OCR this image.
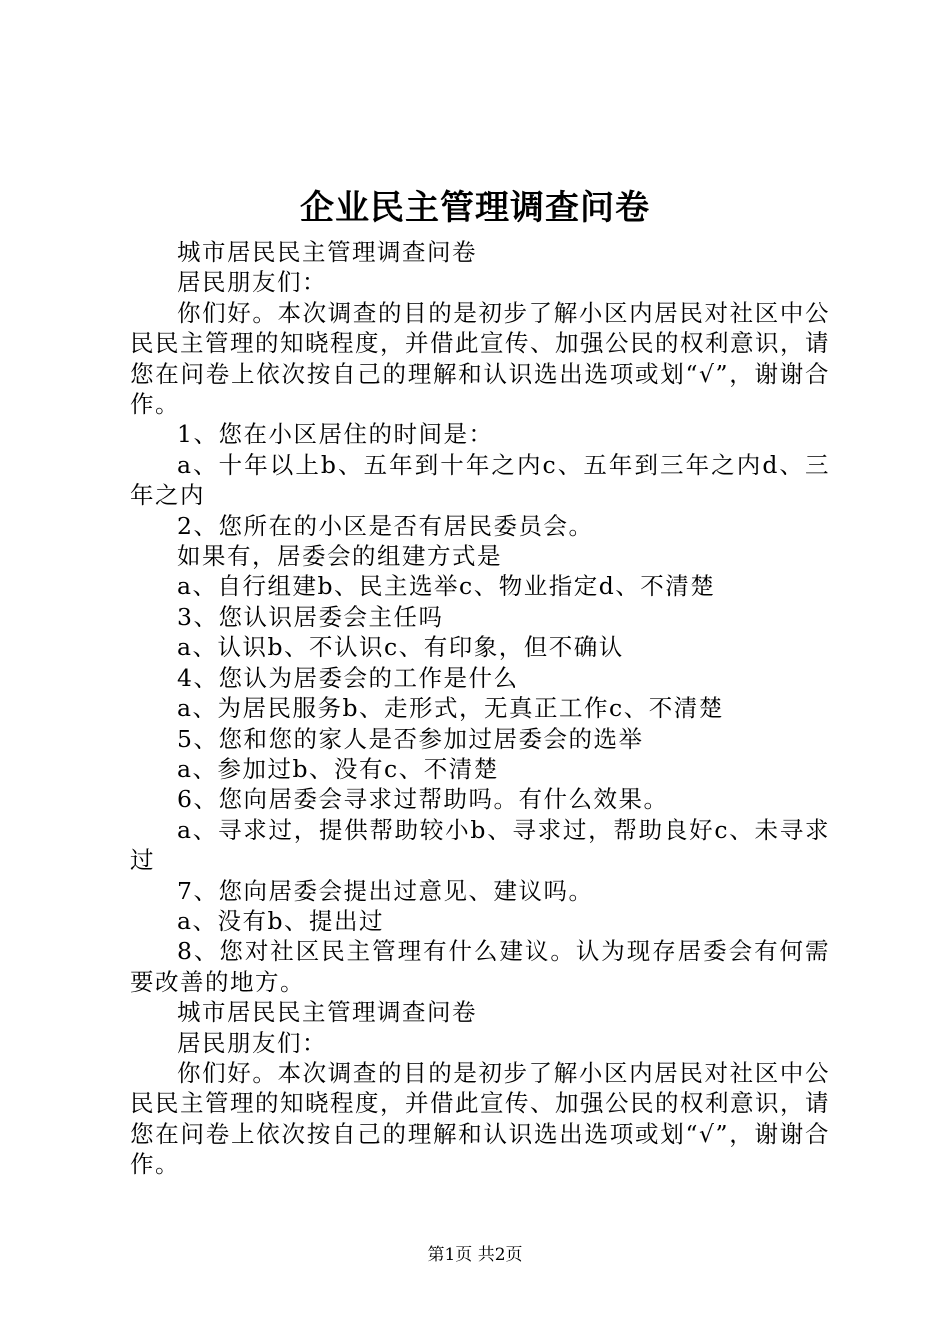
企业民主管理调查问卷

城市居民民主管理调查问卷

居民朋友们：

你们好。本次调查的目的是初步了解小区内居民对社区中公民民主管理的知晓程度，并借此宣传、加强公民的权利意识，请您在问卷上依次按自己的理解和认识选出选项或划“√”，谢谢合作。

1、您在小区居住的时间是：

a、十年以上b、五年到十年之内c、五年到三年之内d、三年之内

2、您所在的小区是否有居民委员会。

如果有，居委会的组建方式是

a、自行组建b、民主选举c、物业指定d、不清楚

3、您认识居委会主任吗

a、认识b、不认识c、有印象，但不确认

4、您认为居委会的工作是什么

a、为居民服务b、走形式，无真正工作c、不清楚

5、您和您的家人是否参加过居委会的选举

a、参加过b、没有c、不清楚

6、您向居委会寻求过帮助吗。有什么效果。

a、寻求过，提供帮助较小b、寻求过，帮助良好c、未寻求过

7、您向居委会提出过意见、建议吗。

a、没有b、提出过

8、您对社区民主管理有什么建议。认为现存居委会有何需要改善的地方。

城市居民民主管理调查问卷

居民朋友们：

你们好。本次调查的目的是初步了解小区内居民对社区中公民民主管理的知晓程度，并借此宣传、加强公民的权利意识，请您在问卷上依次按自己的理解和认识选出选项或划“√”，谢谢合作。

第1页 共2页
